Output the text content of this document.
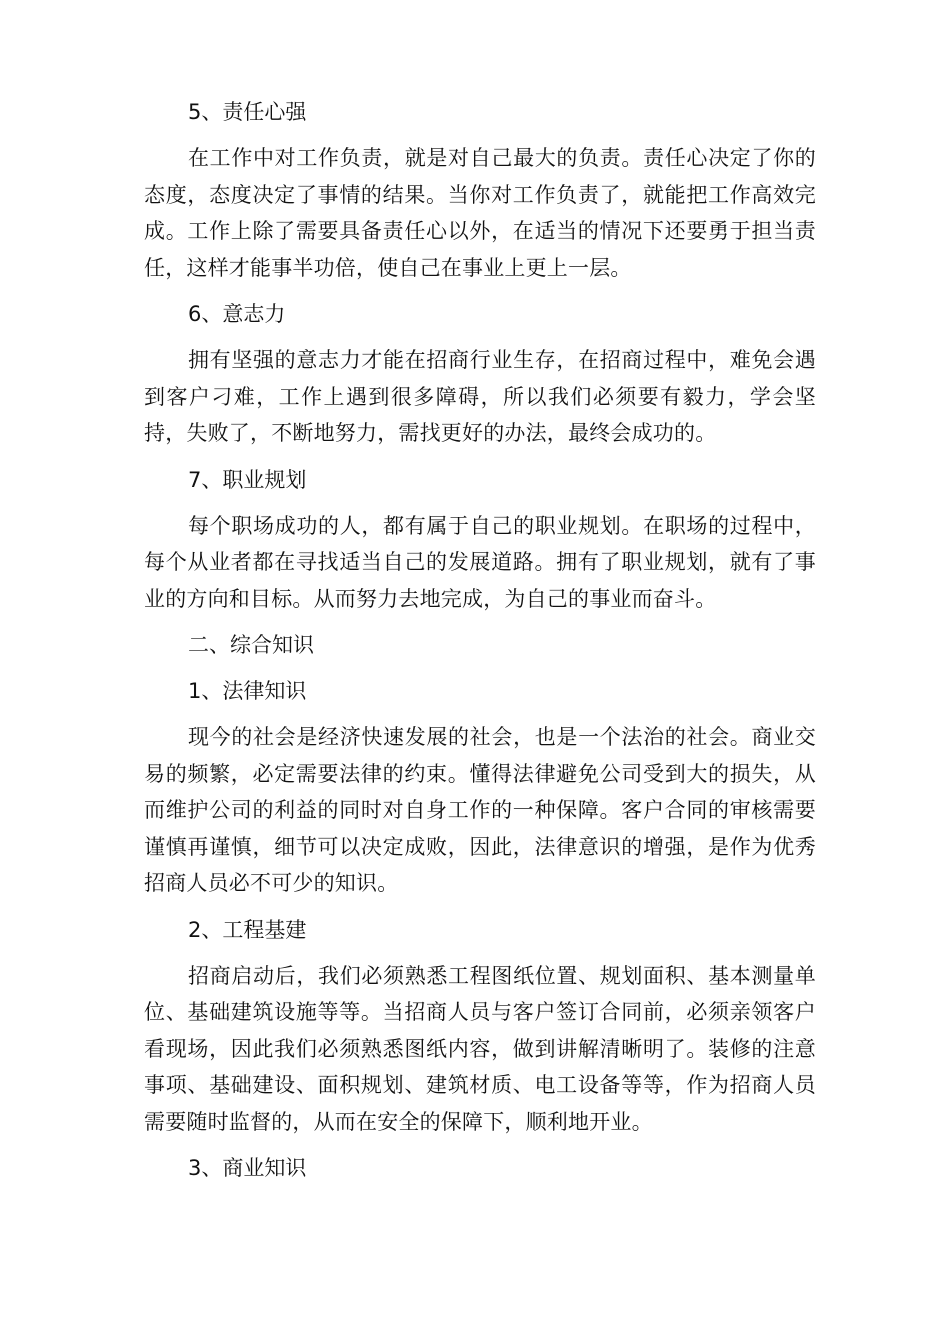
5、责任心强
在工作中对工作负责，就是对自己最大的负责。责任心决定了你的态度，态度决定了事情的结果。当你对工作负责了，就能把工作高效完成。工作上除了需要具备责任心以外，在适当的情况下还要勇于担当责任，这样才能事半功倍，使自己在事业上更上一层。
6、意志力
拥有坚强的意志力才能在招商行业生存，在招商过程中，难免会遇到客户刁难，工作上遇到很多障碍，所以我们必须要有毅力，学会坚持，失败了，不断地努力，需找更好的办法，最终会成功的。
7、职业规划
每个职场成功的人，都有属于自己的职业规划。在职场的过程中，每个从业者都在寻找适当自己的发展道路。拥有了职业规划，就有了事业的方向和目标。从而努力去地完成，为自己的事业而奋斗。
二、综合知识
1、法律知识
现今的社会是经济快速发展的社会，也是一个法治的社会。商业交易的频繁，必定需要法律的约束。懂得法律避免公司受到大的损失，从而维护公司的利益的同时对自身工作的一种保障。客户合同的审核需要谨慎再谨慎，细节可以决定成败，因此，法律意识的增强，是作为优秀招商人员必不可少的知识。
2、工程基建
招商启动后，我们必须熟悉工程图纸位置、规划面积、基本测量单位、基础建筑设施等等。当招商人员与客户签订合同前，必须亲领客户看现场，因此我们必须熟悉图纸内容，做到讲解清晰明了。装修的注意事项、基础建设、面积规划、建筑材质、电工设备等等，作为招商人员需要随时监督的，从而在安全的保障下，顺利地开业。
3、商业知识
